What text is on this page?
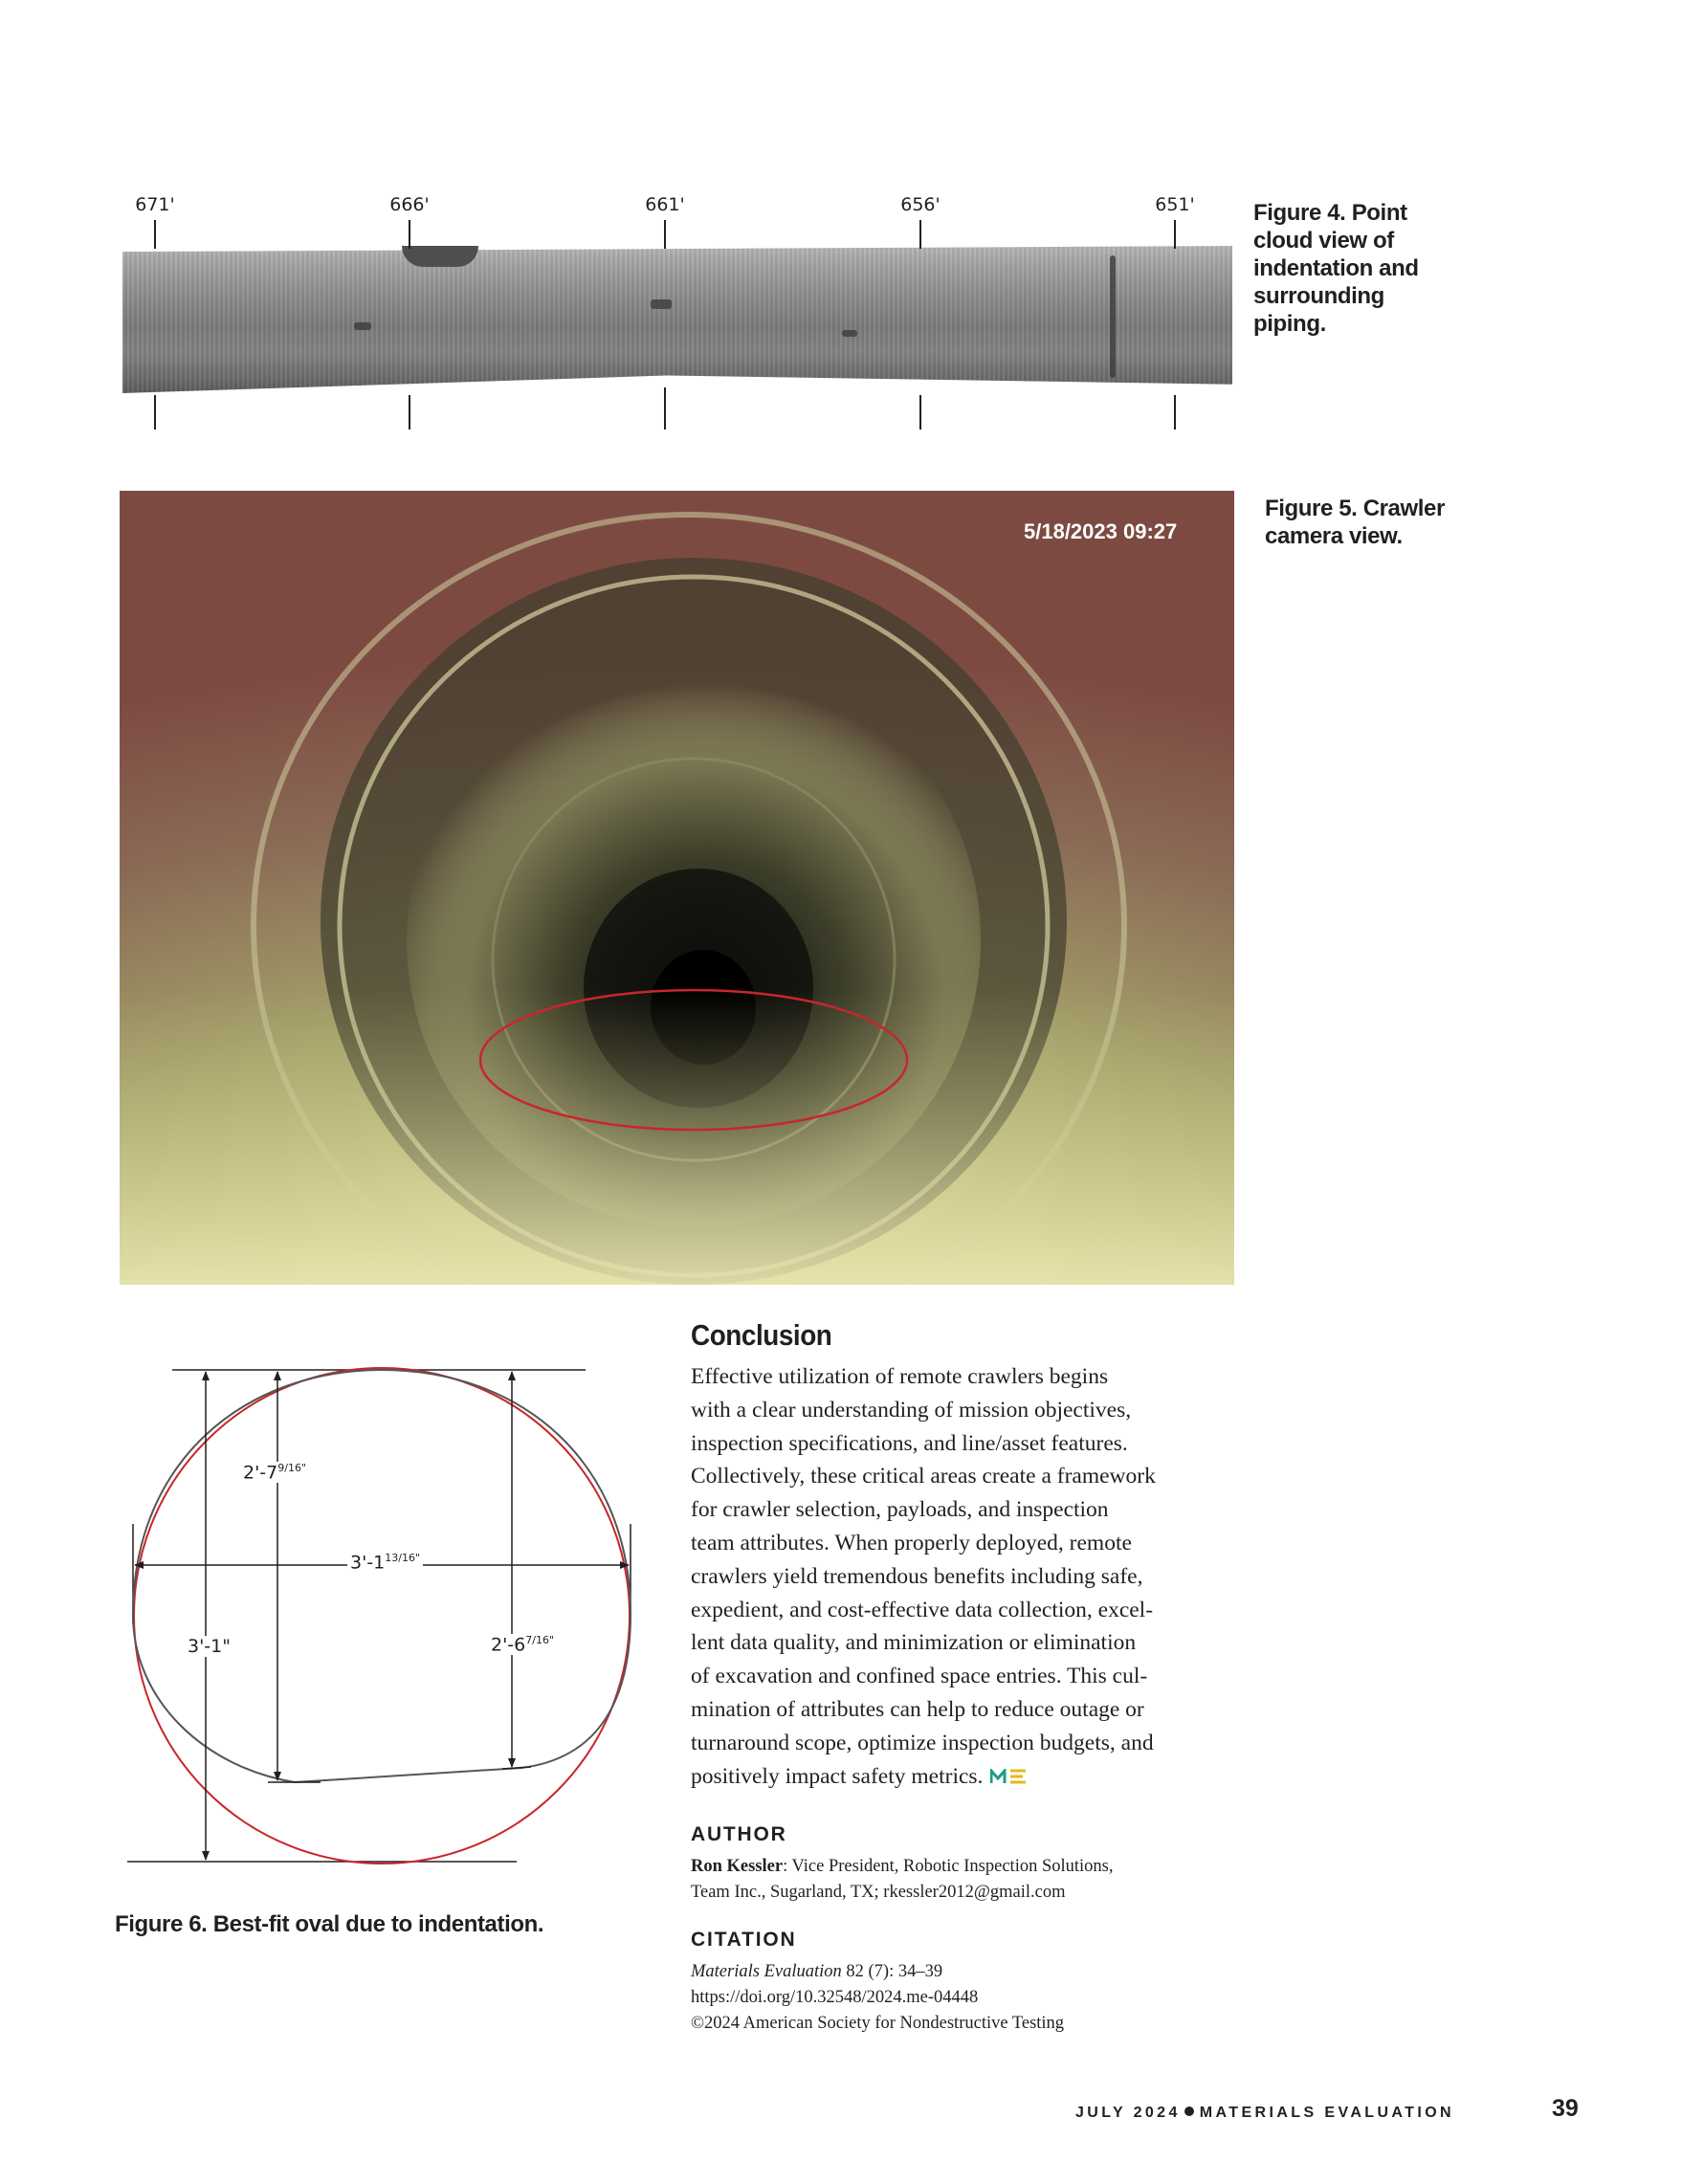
671'	666'	661'	656'	651'	Figure 4. Point cloud view of indentation and surrounding piping.
5/18/2023 09:27
Figure 5. Crawler camera view.
$2'-7^{9/16"}$
$3'-1^{13/16"}$
3'-1"	$2'-6^{7/16"}$
Figure 6. Best-fit oval due to indentation.
Conclusion

Effective utilization of remote crawlers begins
with a clear understanding of mission objectives,
inspection specifications, and line/asset features.
Collectively, these critical areas create a framework
for crawler selection, payloads, and inspection
team attributes. When properly deployed, remote
crawlers yield tremendous benefits including safe,
expedient, and cost-effective data collection, excel-
lent data quality, and minimization or elimination
of excavation and confined space entries. This cul-
mination of attributes can help to reduce outage or
turnaround scope, optimize inspection budgets, and
positively impact safety metrics.

AUTHOR

Ron Kessler: Vice President, Robotic Inspection Solutions,
Team Inc., Sugarland, TX; rkessler2012@gmail.com

CITATION

Materials Evaluation 82 (7): 34–39
https://doi.org/10.32548/2024.me-04448
©2024 American Society for Nondestructive Testing

JULY 2024 MATERIALS EVALUATION	39
